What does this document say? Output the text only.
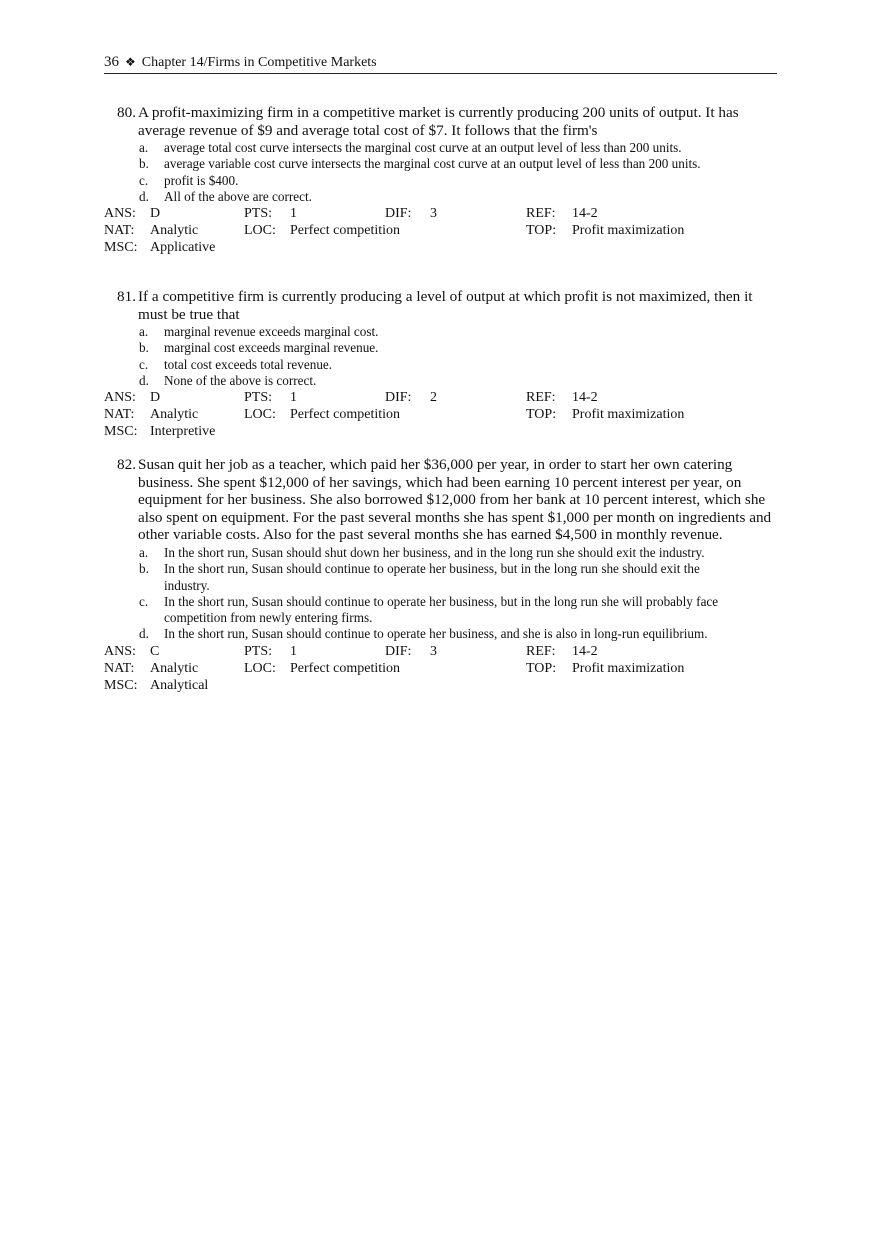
36 ❖ Chapter 14/Firms in Competitive Markets
80. A profit-maximizing firm in a competitive market is currently producing 200 units of output. It has average revenue of $9 and average total cost of $7. It follows that the firm's
a. average total cost curve intersects the marginal cost curve at an output level of less than 200 units.
b. average variable cost curve intersects the marginal cost curve at an output level of less than 200 units.
c. profit is $400.
d. All of the above are correct.
ANS: D	PTS: 1	DIF: 3	REF: 14-2
NAT: Analytic	LOC: Perfect competition	TOP: Profit maximization
MSC: Applicative
81. If a competitive firm is currently producing a level of output at which profit is not maximized, then it must be true that
a. marginal revenue exceeds marginal cost.
b. marginal cost exceeds marginal revenue.
c. total cost exceeds total revenue.
d. None of the above is correct.
ANS: D	PTS: 1	DIF: 2	REF: 14-2
NAT: Analytic	LOC: Perfect competition	TOP: Profit maximization
MSC: Interpretive
82. Susan quit her job as a teacher, which paid her $36,000 per year, in order to start her own catering business. She spent $12,000 of her savings, which had been earning 10 percent interest per year, on equipment for her business. She also borrowed $12,000 from her bank at 10 percent interest, which she also spent on equipment. For the past several months she has spent $1,000 per month on ingredients and other variable costs. Also for the past several months she has earned $4,500 in monthly revenue.
a. In the short run, Susan should shut down her business, and in the long run she should exit the industry.
b. In the short run, Susan should continue to operate her business, but in the long run she should exit the industry.
c. In the short run, Susan should continue to operate her business, but in the long run she will probably face competition from newly entering firms.
d. In the short run, Susan should continue to operate her business, and she is also in long-run equilibrium.
ANS: C	PTS: 1	DIF: 3	REF: 14-2
NAT: Analytic	LOC: Perfect competition	TOP: Profit maximization
MSC: Analytical
